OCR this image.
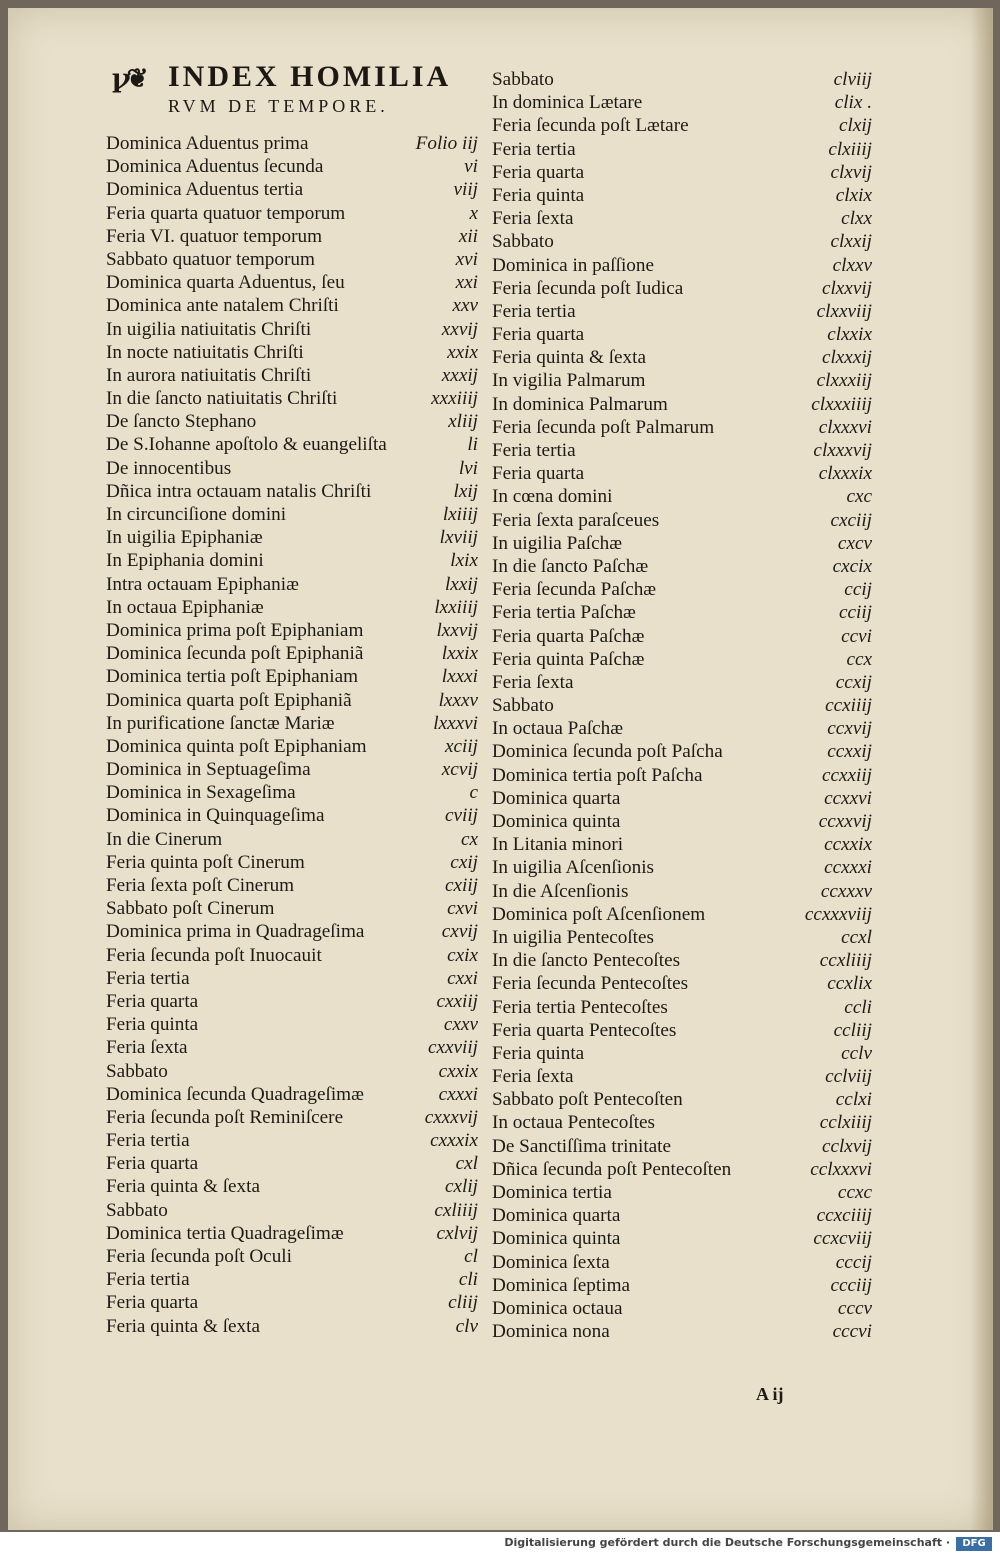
ꝩ❦ INDEX HOMILIA
RVM DE TEMPORE.
Dominica Aduentus prima	Folio iij
Dominica Aduentus ſecunda	vi
Dominica Aduentus tertia	viij
Feria quarta quatuor temporum	x
Feria VI. quatuor temporum	xii
Sabbato quatuor temporum	xvi
Dominica quarta Aduentus, ſeu	xxi
Dominica ante natalem Chriſti	xxv
In uigilia natiuitatis Chriſti	xxvij
In nocte natiuitatis Chriſti	xxix
In aurora natiuitatis Chriſti	xxxij
In die ſancto natiuitatis Chriſti	xxxiiij
De ſancto Stephano	xliij
De S.Iohanne apoſtolo & euangeliſta	li
De innocentibus	lvi
Dñica intra octauam natalis Chriſti	lxij
In circunciſione domini	lxiiij
In uigilia Epiphaniæ	lxviij
In Epiphania domini	lxix
Intra octauam Epiphaniæ	lxxij
In octaua Epiphaniæ	lxxiiij
Dominica prima poſt Epiphaniam	lxxvij
Dominica ſecunda poſt Epiphaniã	lxxix
Dominica tertia poſt Epiphaniam	lxxxi
Dominica quarta poſt Epiphaniã	lxxxv
In purificatione ſanctæ Mariæ	lxxxvi
Dominica quinta poſt Epiphaniam	xciij
Dominica in Septuageſima	xcvij
Dominica in Sexageſima	c
Dominica in Quinquageſima	cviij
In die Cinerum	cx
Feria quinta poſt Cinerum	cxij
Feria ſexta poſt Cinerum	cxiij
Sabbato poſt Cinerum	cxvi
Dominica prima in Quadrageſima	cxvij
Feria ſecunda poſt Inuocauit	cxix
Feria tertia	cxxi
Feria quarta	cxxiij
Feria quinta	cxxv
Feria ſexta	cxxviij
Sabbato	cxxix
Dominica ſecunda Quadrageſimæ	cxxxi
Feria ſecunda poſt Reminiſcere	cxxxvij
Feria tertia	cxxxix
Feria quarta	cxl
Feria quinta & ſexta	cxlij
Sabbato	cxliiij
Dominica tertia Quadrageſimæ	cxlvij
Feria ſecunda poſt Oculi	cl
Feria tertia	cli
Feria quarta	cliij
Feria quinta & ſexta	clv
Sabbato	clviij
In dominica Lætare	clix .
Feria ſecunda poſt Lætare	clxij
Feria tertia	clxiiij
Feria quarta	clxvij
Feria quinta	clxix
Feria ſexta	clxx
Sabbato	clxxij
Dominica in paſſione	clxxv
Feria ſecunda poſt Iudica	clxxvij
Feria tertia	clxxviij
Feria quarta	clxxix
Feria quinta & ſexta	clxxxij
In vigilia Palmarum	clxxxiij
In dominica Palmarum	clxxxiiij
Feria ſecunda poſt Palmarum	clxxxvi
Feria tertia	clxxxvij
Feria quarta	clxxxix
In cœna domini	cxc
Feria ſexta paraſceues	cxciij
In uigilia Paſchæ	cxcv
In die ſancto Paſchæ	cxcix
Feria ſecunda Paſchæ	ccij
Feria tertia Paſchæ	cciij
Feria quarta Paſchæ	ccvi
Feria quinta Paſchæ	ccx
Feria ſexta	ccxij
Sabbato	ccxiiij
In octaua Paſchæ	ccxvij
Dominica ſecunda poſt Paſcha	ccxxij
Dominica tertia poſt Paſcha	ccxxiij
Dominica quarta	ccxxvi
Dominica quinta	ccxxvij
In Litania minori	ccxxix
In uigilia Aſcenſionis	ccxxxi
In die Aſcenſionis	ccxxxv
Dominica poſt Aſcenſionem	ccxxxviij
In uigilia Pentecoſtes	ccxl
In die ſancto Pentecoſtes	ccxliiij
Feria ſecunda Pentecoſtes	ccxlix
Feria tertia Pentecoſtes	ccli
Feria quarta Pentecoſtes	ccliij
Feria quinta	cclv
Feria ſexta	cclviij
Sabbato poſt Pentecoſten	cclxi
In octaua Pentecoſtes	cclxiiij
De Sanctiſſima trinitate	cclxvij
Dñica ſecunda poſt Pentecoſten	cclxxxvi
Dominica tertia	ccxc
Dominica quarta	ccxciiij
Dominica quinta	ccxcviij
Dominica ſexta	cccij
Dominica ſeptima	ccciij
Dominica octaua	cccv
Dominica nona	cccvi
A ij
Digitalisierung gefördert durch die Deutsche Forschungsgemeinschaft ·	DFG
